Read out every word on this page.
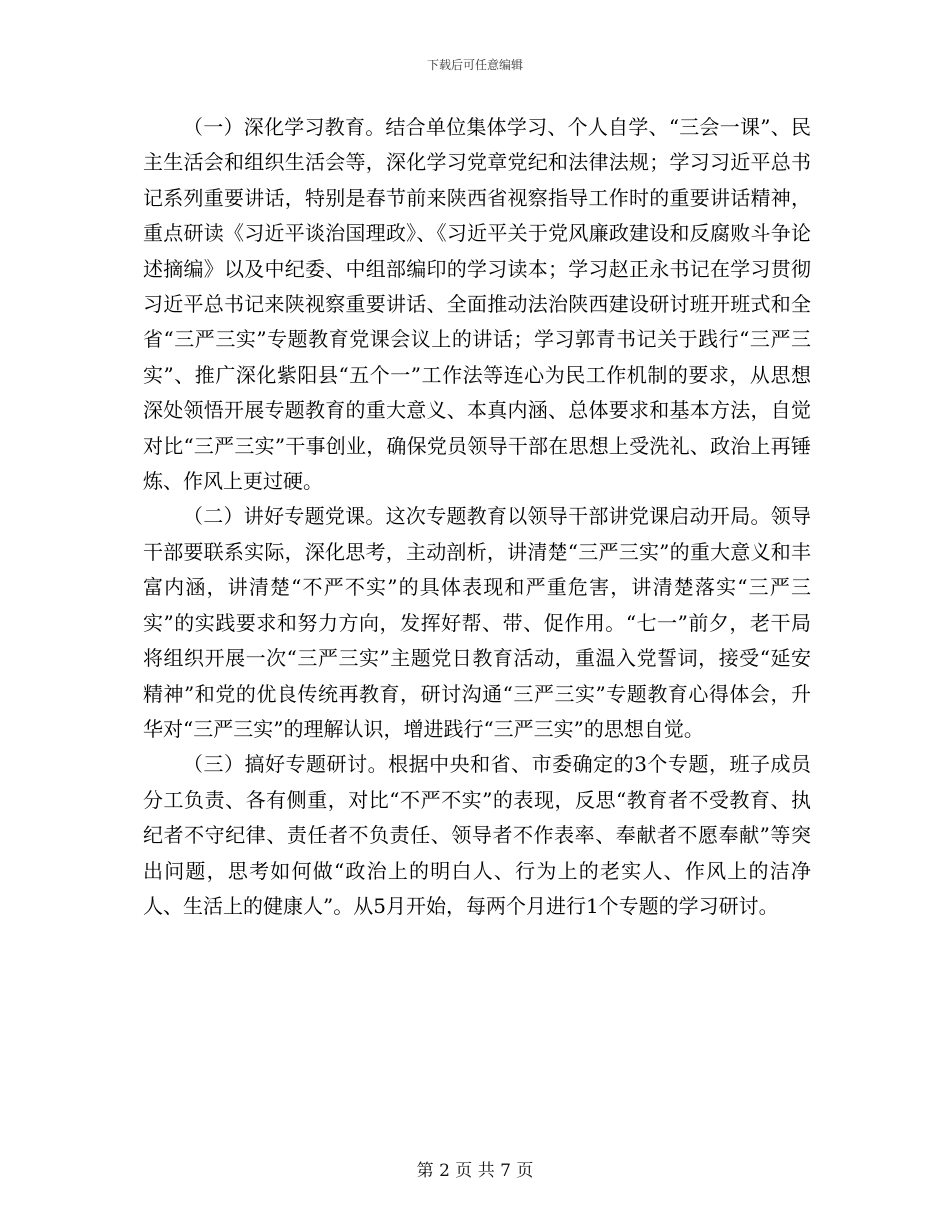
下载后可任意编辑

（一）深化学习教育。结合单位集体学习、个人自学、“三会一课”、民主生活会和组织生活会等，深化学习党章党纪和法律法规；学习习近平总书记系列重要讲话，特别是春节前来陕西省视察指导工作时的重要讲话精神，重点研读《习近平谈治国理政》、《习近平关于党风廉政建设和反腐败斗争论述摘编》以及中纪委、中组部编印的学习读本；学习赵正永书记在学习贯彻习近平总书记来陕视察重要讲话、全面推动法治陕西建设研讨班开班式和全省“三严三实”专题教育党课会议上的讲话；学习郭青书记关于践行“三严三实”、推广深化紫阳县“五个一”工作法等连心为民工作机制的要求，从思想深处领悟开展专题教育的重大意义、本真内涵、总体要求和基本方法，自觉对比“三严三实”干事创业，确保党员领导干部在思想上受洗礼、政治上再锤炼、作风上更过硬。

（二）讲好专题党课。这次专题教育以领导干部讲党课启动开局。领导干部要联系实际，深化思考，主动剖析，讲清楚“三严三实”的重大意义和丰富内涵，讲清楚“不严不实”的具体表现和严重危害，讲清楚落实“三严三实”的实践要求和努力方向，发挥好帮、带、促作用。“七一”前夕，老干局将组织开展一次“三严三实”主题党日教育活动，重温入党誓词，接受“延安精神”和党的优良传统再教育，研讨沟通“三严三实”专题教育心得体会，升华对“三严三实”的理解认识，增进践行“三严三实”的思想自觉。

（三）搞好专题研讨。根据中央和省、市委确定的3个专题，班子成员分工负责、各有侧重，对比“不严不实”的表现，反思“教育者不受教育、执纪者不守纪律、责任者不负责任、领导者不作表率、奉献者不愿奉献”等突出问题，思考如何做“政治上的明白人、行为上的老实人、作风上的洁净人、生活上的健康人”。从5月开始，每两个月进行1个专题的学习研讨。

第 2 页 共 7 页
